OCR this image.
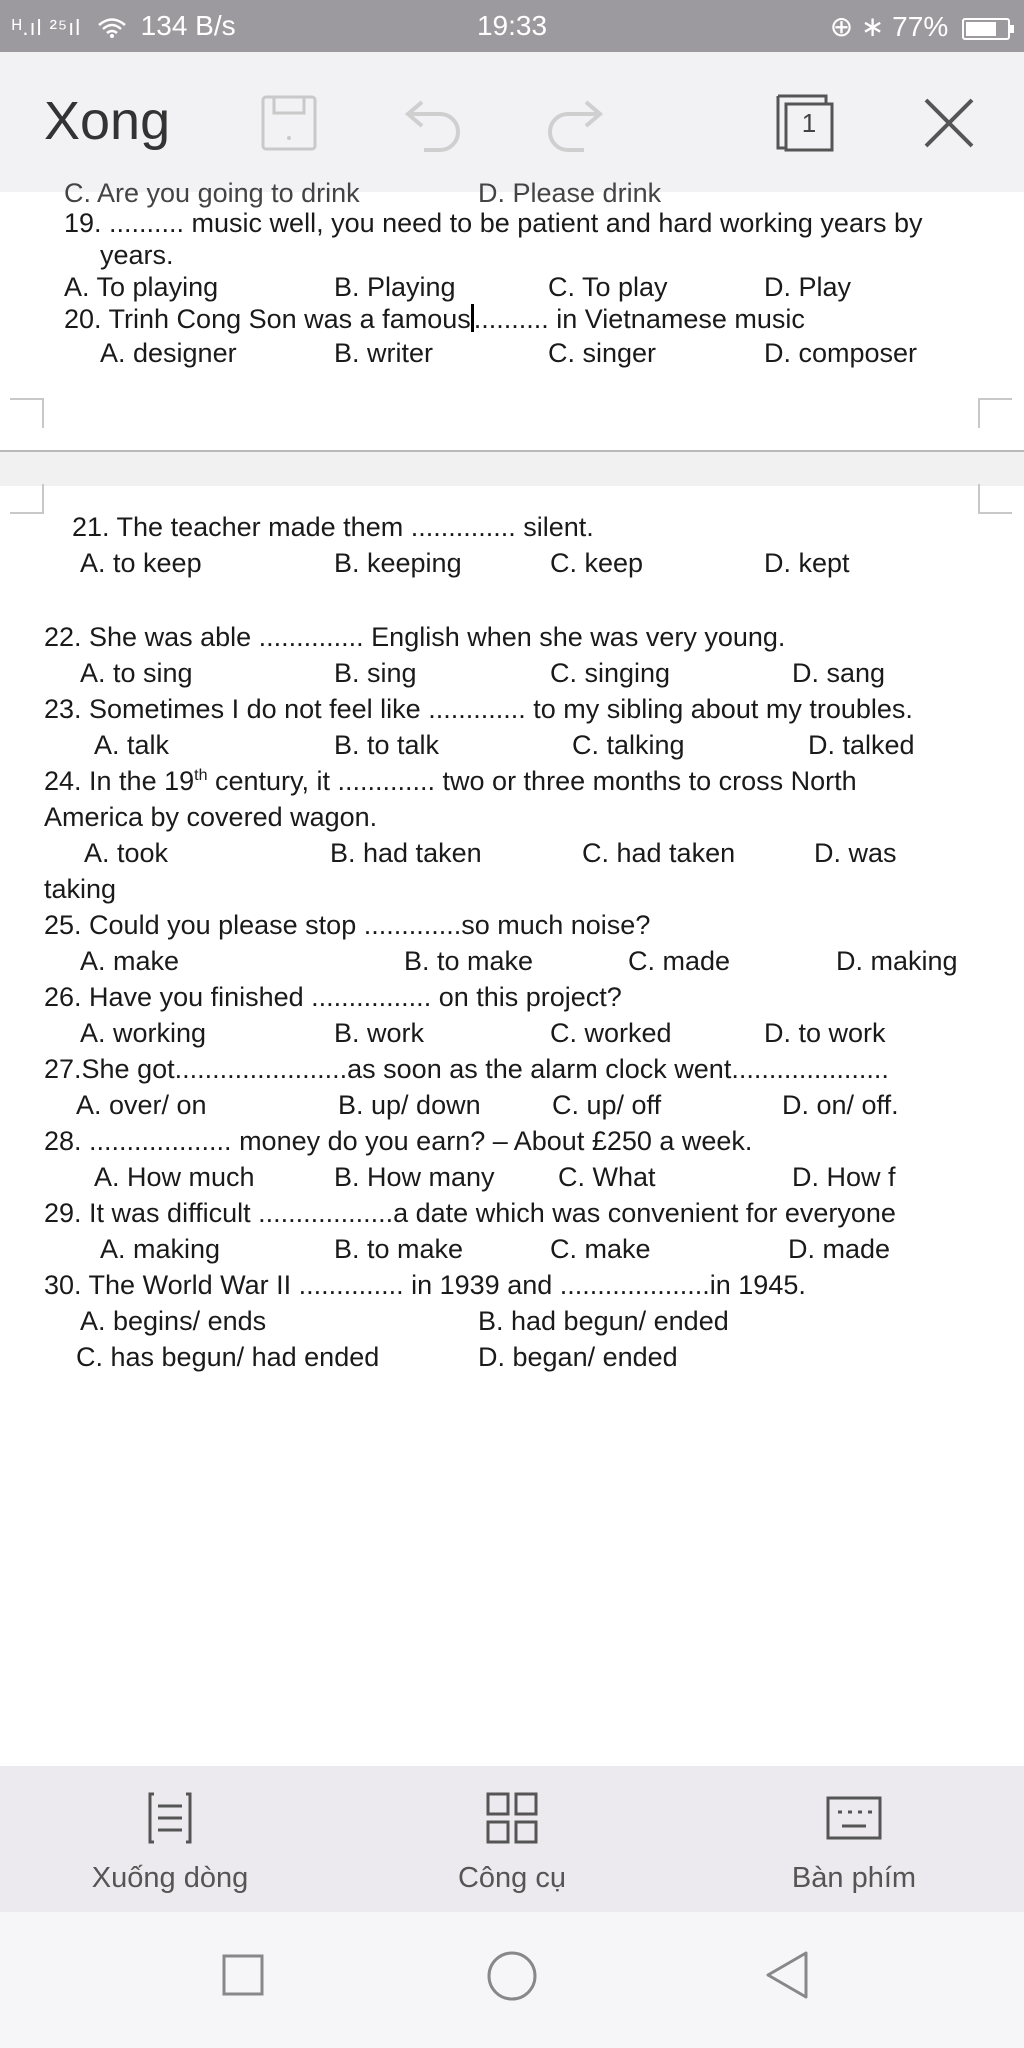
ᴴ.ıl ²⁵ıl 134 B/s	19:33	⊕ ∗ 77%
Xong	1
C. Are you going to drink	D. Please drink
19. .......... music well, you need to be patient and hard working years by
years.
A. To playing	B. Playing	C. To play	D. Play
20. Trinh Cong Son was a famous .......... in Vietnamese music
A. designer	B. writer	C. singer	D. composer
21. The teacher made them .............. silent.
A. to keep	B. keeping	C. keep	D. kept
22. She was able .............. English when she was very young.
A. to sing	B. sing	C. singing	D. sang
23. Sometimes I do not feel like ............. to my sibling about my troubles.
A. talk	B. to talk	C. talking	D. talked
24. In the 19th century, it ............. two or three months to cross North
America by covered wagon.
A. took	B. had taken	C. had taken	D. was
taking
25. Could you please stop .............so much noise?
A. make	B. to make	C. made	D. making
26. Have you finished ................ on this project?
A. working	B. work	C. worked	D. to work
27.She got.......................as soon as the alarm clock went.....................
A. over/ on	B. up/ down	C. up/ off	D. on/ off.
28. ................... money do you earn? – About £250 a week.
A. How much	B. How many C. What	D. How f
29. It was difficult ..................a date which was convenient for everyone
A. making	B. to make	C. make	D. made
30. The World War II .............. in 1939 and ....................in 1945.
A. begins/ ends	B. had begun/ ended
C. has begun/ had ended	D. began/ ended
Xuống dòng	Công cụ	Bàn phím
